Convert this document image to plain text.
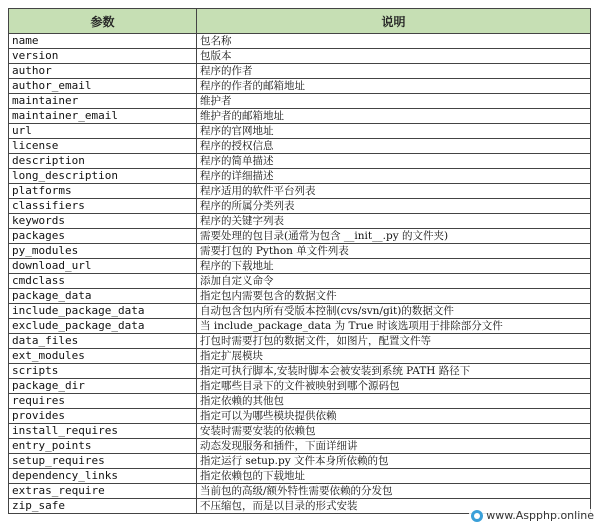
参数	说明
name	包名称
version	包版本
author	程序的作者
author_email	程序的作者的邮箱地址
maintainer	维护者
maintainer_email	维护者的邮箱地址
url	程序的官网地址
license	程序的授权信息
description	程序的简单描述
long_description	程序的详细描述
platforms	程序适用的软件平台列表
classifiers	程序的所属分类列表
keywords	程序的关键字列表
packages	需要处理的包目录(通常为包含 __init__.py 的文件夹)
py_modules	需要打包的 Python 单文件列表
download_url	程序的下载地址
cmdclass	添加自定义命令
package_data	指定包内需要包含的数据文件
include_package_data	自动包含包内所有受版本控制(cvs/svn/git)的数据文件
exclude_package_data	当 include_package_data 为 True 时该选项用于排除部分文件
data_files	打包时需要打包的数据文件，如图片，配置文件等
ext_modules	指定扩展模块
scripts	指定可执行脚本,安装时脚本会被安装到系统 PATH 路径下
package_dir	指定哪些目录下的文件被映射到哪个源码包
requires	指定依赖的其他包
provides	指定可以为哪些模块提供依赖
install_requires	安装时需要安装的依赖包
entry_points	动态发现服务和插件，下面详细讲
setup_requires	指定运行 setup.py 文件本身所依赖的包
dependency_links	指定依赖包的下载地址
extras_require	当前包的高级/额外特性需要依赖的分发包
zip_safe	不压缩包，而是以目录的形式安装
www.Aspphp.online
